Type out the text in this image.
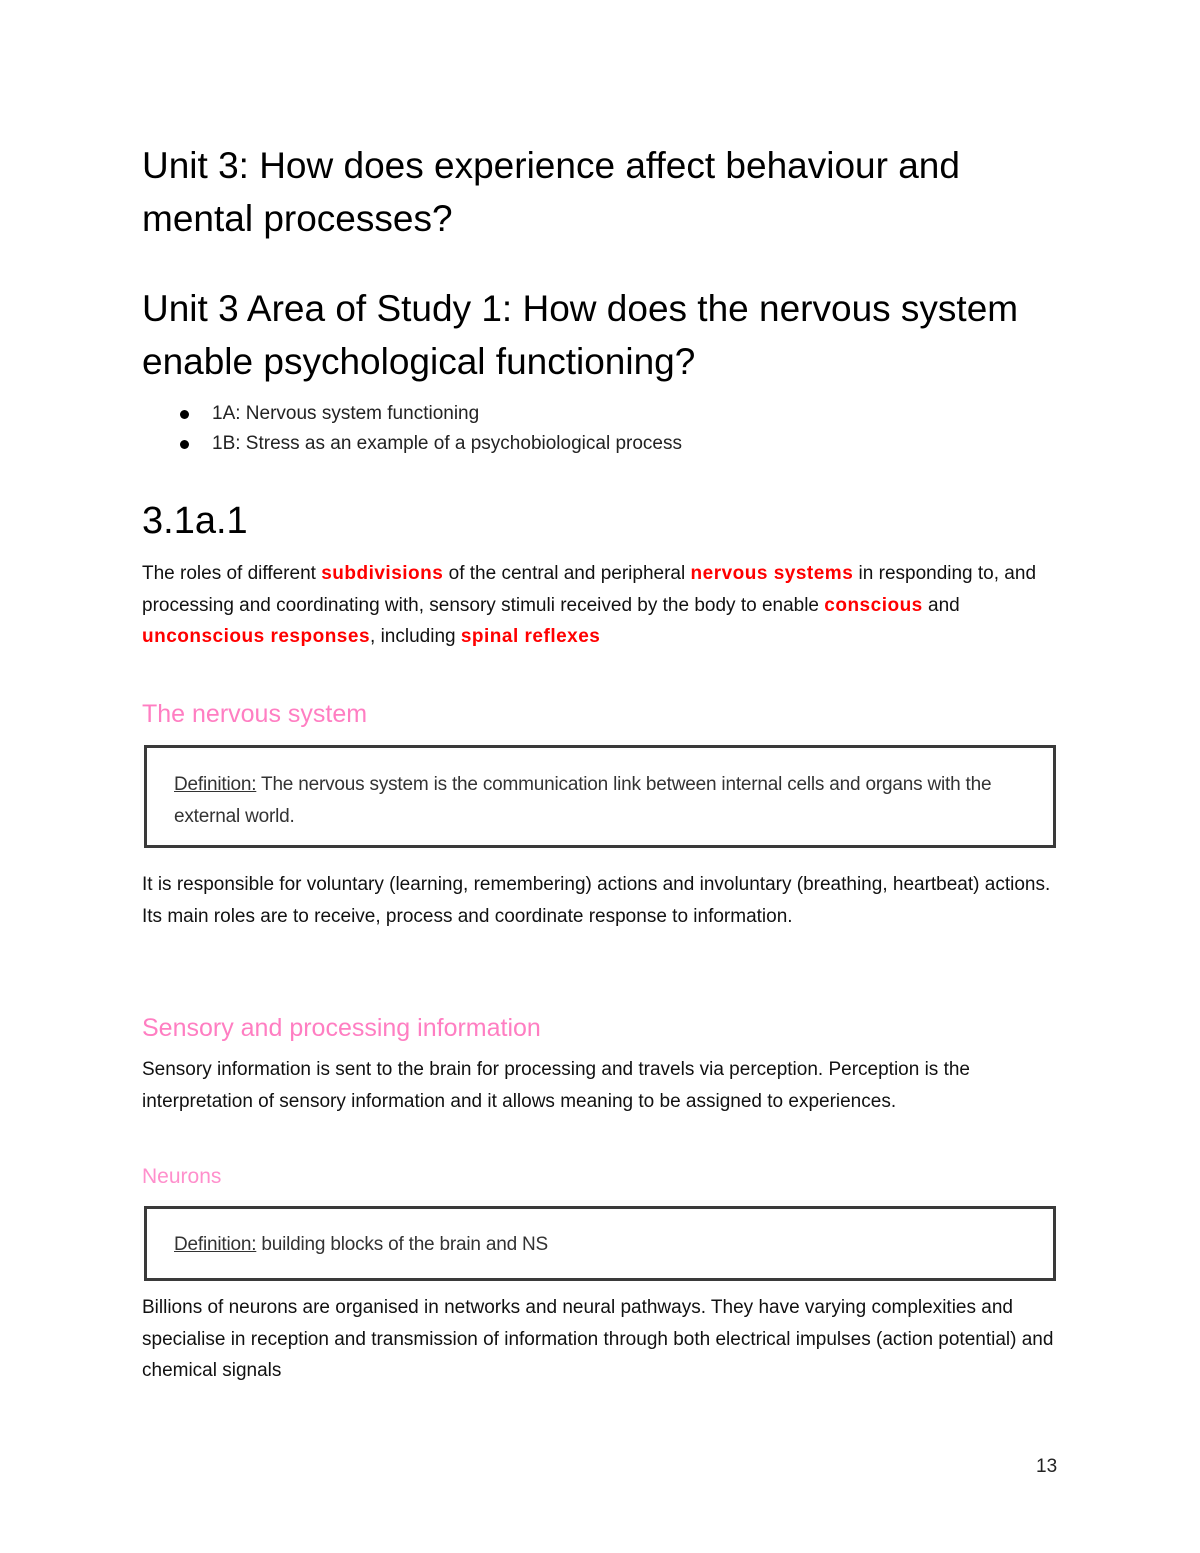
Unit 3: How does experience affect behaviour and mental processes?
Unit 3 Area of Study 1: How does the nervous system enable psychological functioning?
1A: Nervous system functioning
1B: Stress as an example of a psychobiological process
3.1a.1

The roles of different subdivisions of the central and peripheral nervous systems in responding to, and processing and coordinating with, sensory stimuli received by the body to enable conscious and unconscious responses, including spinal reflexes

The nervous system
Definition: The nervous system is the communication link between internal cells and organs with the external world.

It is responsible for voluntary (learning, remembering) actions and involuntary (breathing, heartbeat) actions. Its main roles are to receive, process and coordinate response to information.

Sensory and processing information

Sensory information is sent to the brain for processing and travels via perception. Perception is the interpretation of sensory information and it allows meaning to be assigned to experiences.

Neurons
Definition: building blocks of the brain and NS

Billions of neurons are organised in networks and neural pathways. They have varying complexities and specialise in reception and transmission of information through both electrical impulses (action potential) and chemical signals

13
